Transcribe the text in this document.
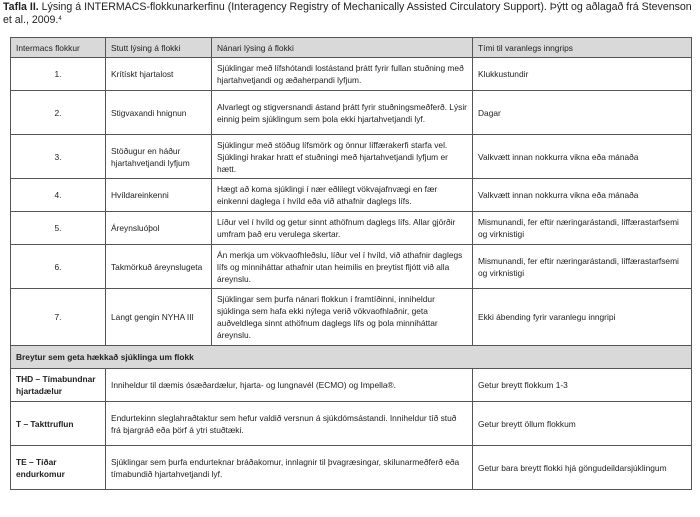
Tafla II. Lýsing á INTERMACS-flokkunarkerfinu (Interagency Registry of Mechanically Assisted Circulatory Support). Þýtt og aðlagað frá Stevenson et al., 2009.$^4$
Intermacs flokkur	Stutt lýsing á flokki	Nánari lýsing á flokki	Tími til varanlegs inngrips
1.	Krítískt hjartalost	Sjúklingar með lífshótandi lostástand þrátt fyrir fullan stuðning með hjartahvetjandi og æðaherpandi lyfjum.	Klukkustundir
2.	Stigvaxandi hnignun	Alvarlegt og stigversnandi ástand þrátt fyrir stuðningsmeðferð. Lýsir einnig þeim sjúklingum sem þola ekki hjartahvetjandi lyf.	Dagar
3.	Stöðugur en háður hjartahvetjandi lyfjum	Sjúklingur með stöðug lífsmörk og önnur líffærakerfi starfa vel. Sjúklingi hrakar hratt ef stuðningi með hjartahvetjandi lyfjum er hætt.	Valkvætt innan nokkurra vikna eða mánaða
4.	Hvíldareinkenni	Hægt að koma sjúklingi í nær eðlilegt vökvajafnvægi en fær einkenni daglega í hvíld eða við athafnir daglegs lífs.	Valkvætt innan nokkurra vikna eða mánaða
5.	Áreynsluóþol	Líður vel í hvíld og getur sinnt athöfnum daglegs lífs. Allar gjörðir umfram það eru verulega skertar.	Mismunandi, fer eftir næringarástandi, líffærastarfsemi og virknistigi
6.	Takmörkuð áreynslugeta	Án merkja um vökvaofhleðslu, líður vel í hvíld, við athafnir daglegs lífs og minniháttar athafnir utan heimilis en þreytist fljótt við alla áreynslu.	Mismunandi, fer eftir næringarástandi, líffærastarfsemi og virknistigi
7.	Langt gengin NYHA III	Sjúklingar sem þurfa nánari flokkun í framtíðinni, inniheldur sjúklinga sem hafa ekki nýlega verið vökvaofhlaðnir, geta auðveldlega sinnt athöfnum daglegs lífs og þola minniháttar áreynslu.	Ekki ábending fyrir varanlegu inngripi
Breytur sem geta hækkað sjúklinga um flokk			
THD – Tímabundnar hjartadælur	Inniheldur til dæmis ósæðardælur, hjarta- og lungnavél (ECMO) og Impella®.		Getur breytt flokkum 1-3
T – Takttruflun	Endurtekinn sleglahraðtaktur sem hefur valdið versnun á sjúkdómsástandi. Inniheldur tíð stuð frá bjargráð eða þörf á ytri stuðtæki.		Getur breytt öllum flokkum
TE – Tíðar endurkomur	Sjúklingar sem þurfa endurteknar bráðakomur, innlagnir til þvagræsingar, skilunarmeðferð eða tímabundið hjartahvetjandi lyf.		Getur bara breytt flokki hjá göngudeildarsjúklingum
